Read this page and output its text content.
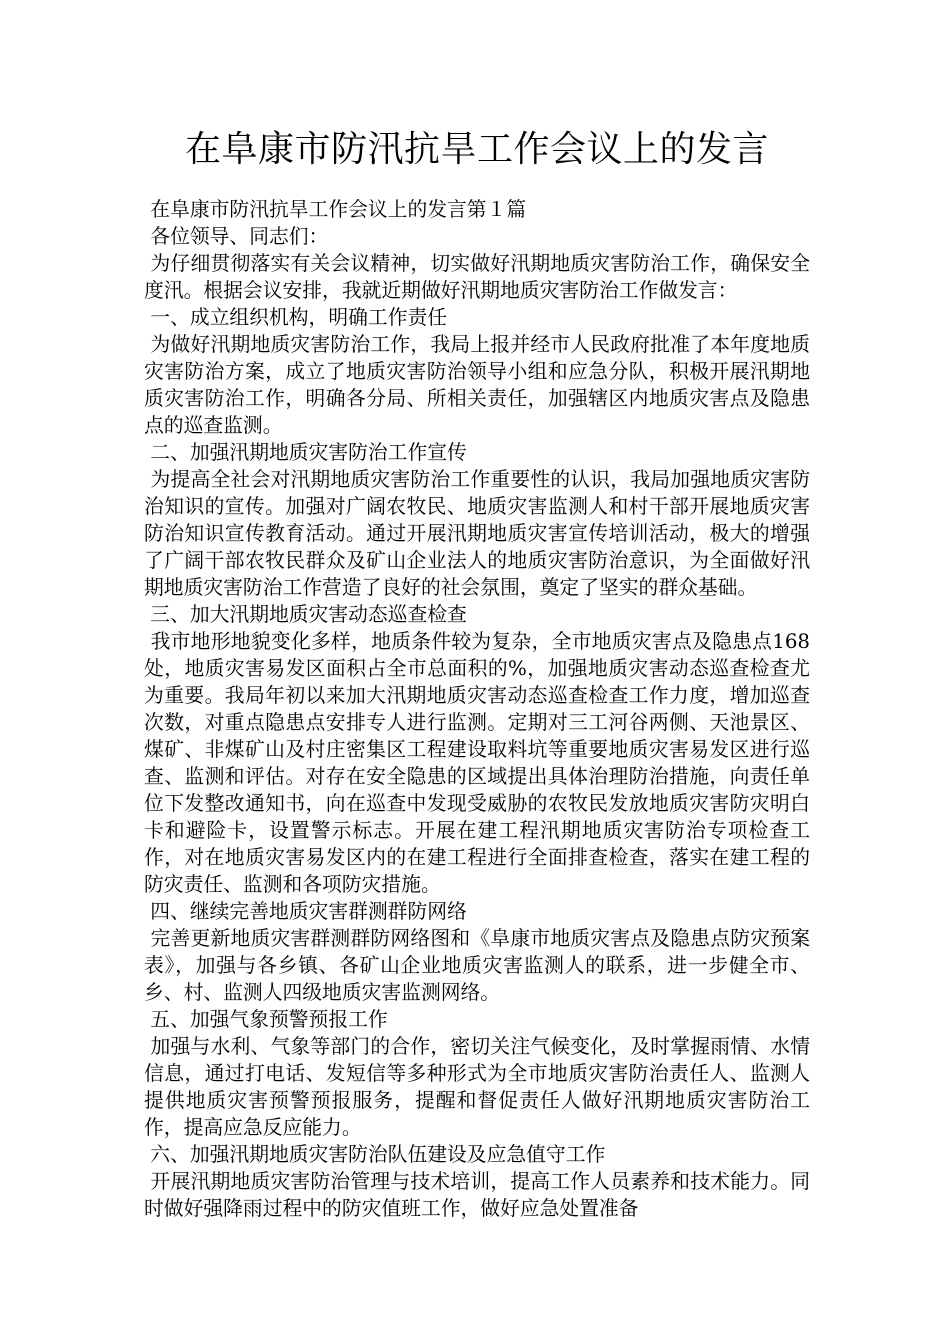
在阜康市防汛抗旱工作会议上的发言

在阜康市防汛抗旱工作会议上的发言第１篇

各位领导、同志们：

为仔细贯彻落实有关会议精神，切实做好汛期地质灾害防治工作，确保安全度汛。根据会议安排，我就近期做好汛期地质灾害防治工作做发言：

一、成立组织机构，明确工作责任

为做好汛期地质灾害防治工作，我局上报并经市人民政府批准了本年度地质灾害防治方案，成立了地质灾害防治领导小组和应急分队，积极开展汛期地质灾害防治工作，明确各分局、所相关责任，加强辖区内地质灾害点及隐患点的巡查监测。

二、加强汛期地质灾害防治工作宣传

为提高全社会对汛期地质灾害防治工作重要性的认识，我局加强地质灾害防治知识的宣传。加强对广阔农牧民、地质灾害监测人和村干部开展地质灾害防治知识宣传教育活动。通过开展汛期地质灾害宣传培训活动，极大的增强了广阔干部农牧民群众及矿山企业法人的地质灾害防治意识，为全面做好汛期地质灾害防治工作营造了良好的社会氛围，奠定了坚实的群众基础。

三、加大汛期地质灾害动态巡查检查

我市地形地貌变化多样，地质条件较为复杂，全市地质灾害点及隐患点168处，地质灾害易发区面积占全市总面积的%，加强地质灾害动态巡查检查尤为重要。我局年初以来加大汛期地质灾害动态巡查检查工作力度，增加巡查次数，对重点隐患点安排专人进行监测。定期对三工河谷两侧、天池景区、煤矿、非煤矿山及村庄密集区工程建设取料坑等重要地质灾害易发区进行巡查、监测和评估。对存在安全隐患的区域提出具体治理防治措施，向责任单位下发整改通知书，向在巡查中发现受威胁的农牧民发放地质灾害防灾明白卡和避险卡，设置警示标志。开展在建工程汛期地质灾害防治专项检查工作，对在地质灾害易发区内的在建工程进行全面排查检查，落实在建工程的防灾责任、监测和各项防灾措施。

四、继续完善地质灾害群测群防网络

完善更新地质灾害群测群防网络图和《阜康市地质灾害点及隐患点防灾预案表》，加强与各乡镇、各矿山企业地质灾害监测人的联系，进一步健全市、乡、村、监测人四级地质灾害监测网络。

五、加强气象预警预报工作

加强与水利、气象等部门的合作，密切关注气候变化，及时掌握雨情、水情信息，通过打电话、发短信等多种形式为全市地质灾害防治责任人、监测人提供地质灾害预警预报服务，提醒和督促责任人做好汛期地质灾害防治工作，提高应急反应能力。

六、加强汛期地质灾害防治队伍建设及应急值守工作

开展汛期地质灾害防治管理与技术培训，提高工作人员素养和技术能力。同时做好强降雨过程中的防灾值班工作，做好应急处置准备
